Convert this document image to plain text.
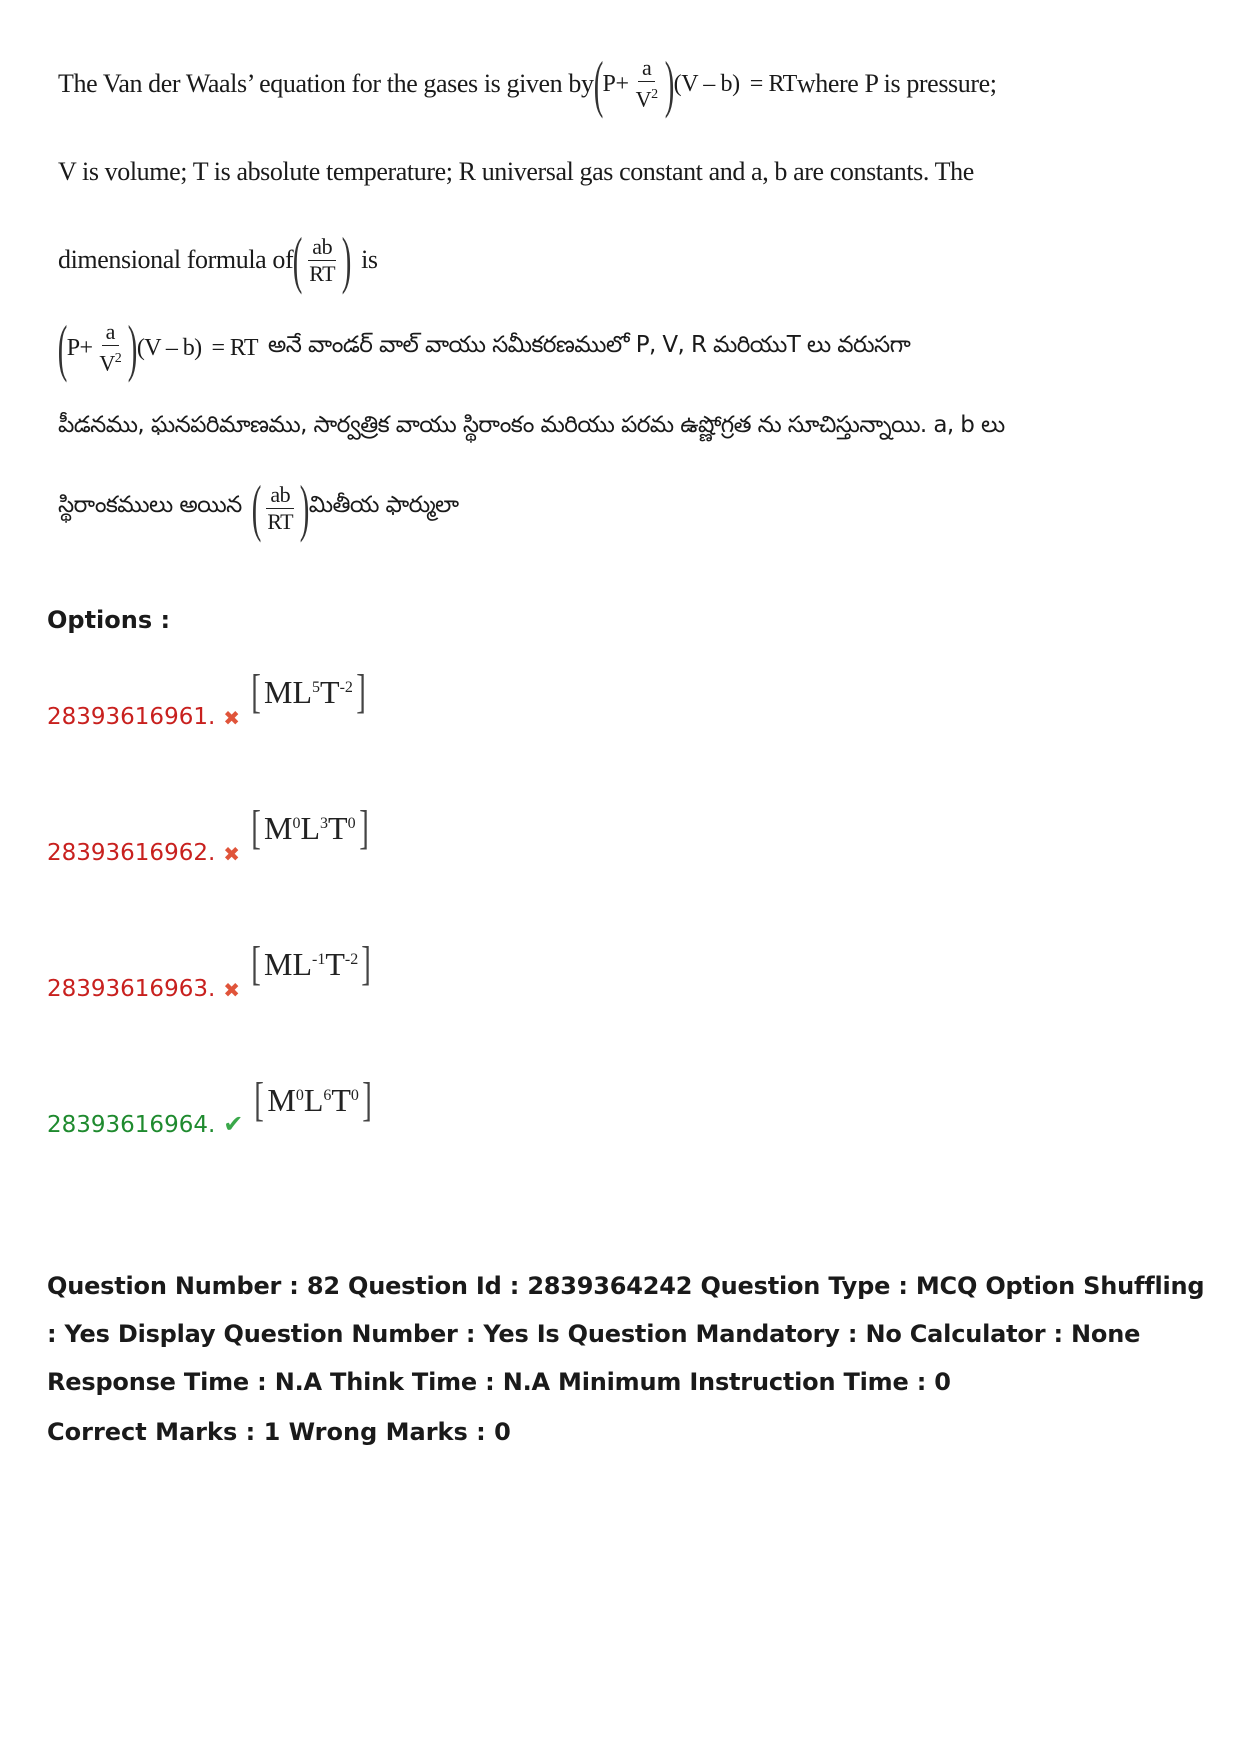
The Van der Waals’ equation for the gases is given by ( $P + \frac{a}{V^2}$ ) (V – b) = RT where P is pressure;
V is volume; T is absolute temperature; R universal gas constant and a, b are constants. The
dimensional formula of ( $\frac{ab}{RT}$ ) is
( $P + \frac{a}{V^2}$ ) (V – b) = RT అనే వాండర్ వాల్ వాయు సమీకరణములో P, V, R మరియుT లు వరుసగా
పీడనము, ఘనపరిమాణము, సార్వత్రిక వాయు స్థిరాంకం మరియు పరమ ఉష్ణోగ్రత ను సూచిస్తున్నాయి. a, b లు
స్థిరాంకములు అయిన ( $\frac{ab}{RT}$ ) మితీయ ఫార్ములా
Options :
28393616961. ✖ [ ML 5 T -2 ]
28393616962. ✖ [ M 0 L 3 T 0 ]
28393616963. ✖ [ ML -1 T -2 ]
28393616964. ✔ [ M 0 L 6 T 0 ]
Question Number : 82 Question Id : 2839364242 Question Type : MCQ Option Shuffling : Yes Display Question Number : Yes Is Question Mandatory : No Calculator : None Response Time : N.A Think Time : N.A Minimum Instruction Time : 0
Correct Marks : 1 Wrong Marks : 0
